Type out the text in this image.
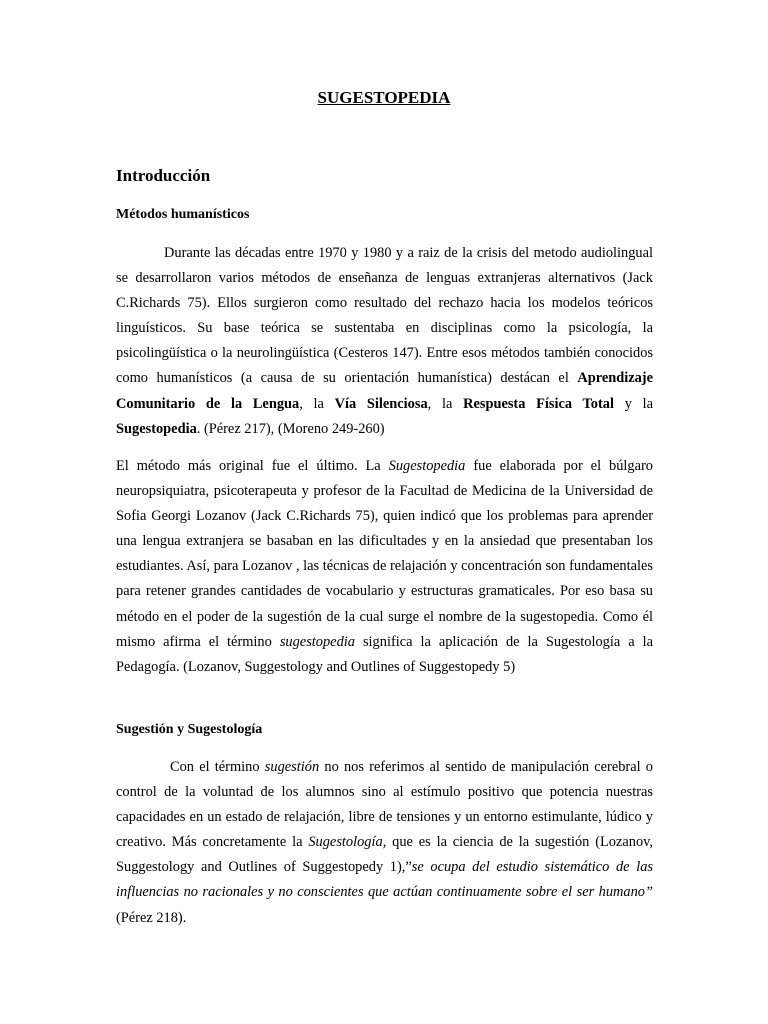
SUGESTOPEDIA
Introducción
Métodos humanísticos

Durante las décadas entre 1970 y 1980 y a raiz de la crisis del metodo audiolingual se desarrollaron varios métodos de enseñanza de lenguas extranjeras alternativos (Jack C.Richards 75). Ellos surgieron como resultado del rechazo hacia los modelos teóricos linguísticos. Su base teórica se sustentaba en disciplinas como la psicología, la psicolingüística o la neurolingüística (Cesteros 147). Entre esos métodos también conocidos como humanísticos (a causa de su orientación humanística) destácan el Aprendizaje Comunitario de la Lengua, la Vía Silenciosa, la Respuesta Física Total y la Sugestopedia. (Pérez 217), (Moreno 249-260)

El método más original fue el último. La Sugestopedia fue elaborada por el búlgaro neuropsiquiatra, psicoterapeuta y profesor de la Facultad de Medicina de la Universidad de Sofia Georgi Lozanov (Jack C.Richards 75), quien indicó que los problemas para aprender una lengua extranjera se basaban en las dificultades y en la ansiedad que presentaban los estudiantes. Así, para Lozanov , las técnicas de relajación y concentración son fundamentales para retener grandes cantidades de vocabulario y estructuras gramaticales. Por eso basa su método en el poder de la sugestión de la cual surge el nombre de la sugestopedia. Como él mismo afirma el término sugestopedia significa la aplicación de la Sugestología a la Pedagogía. (Lozanov, Suggestology and Outlines of Suggestopedy 5)

Sugestión y Sugestología

Con el término sugestión no nos referimos al sentido de manipulación cerebral o control de la voluntad de los alumnos sino al estímulo positivo que potencia nuestras capacidades en un estado de relajación, libre de tensiones y un entorno estimulante, lúdico y creativo. Más concretamente la Sugestología, que es la ciencia de la sugestión (Lozanov, Suggestology and Outlines of Suggestopedy 1),”se ocupa del estudio sistemático de las influencias no racionales y no conscientes que actúan continuamente sobre el ser humano” (Pérez 218).
